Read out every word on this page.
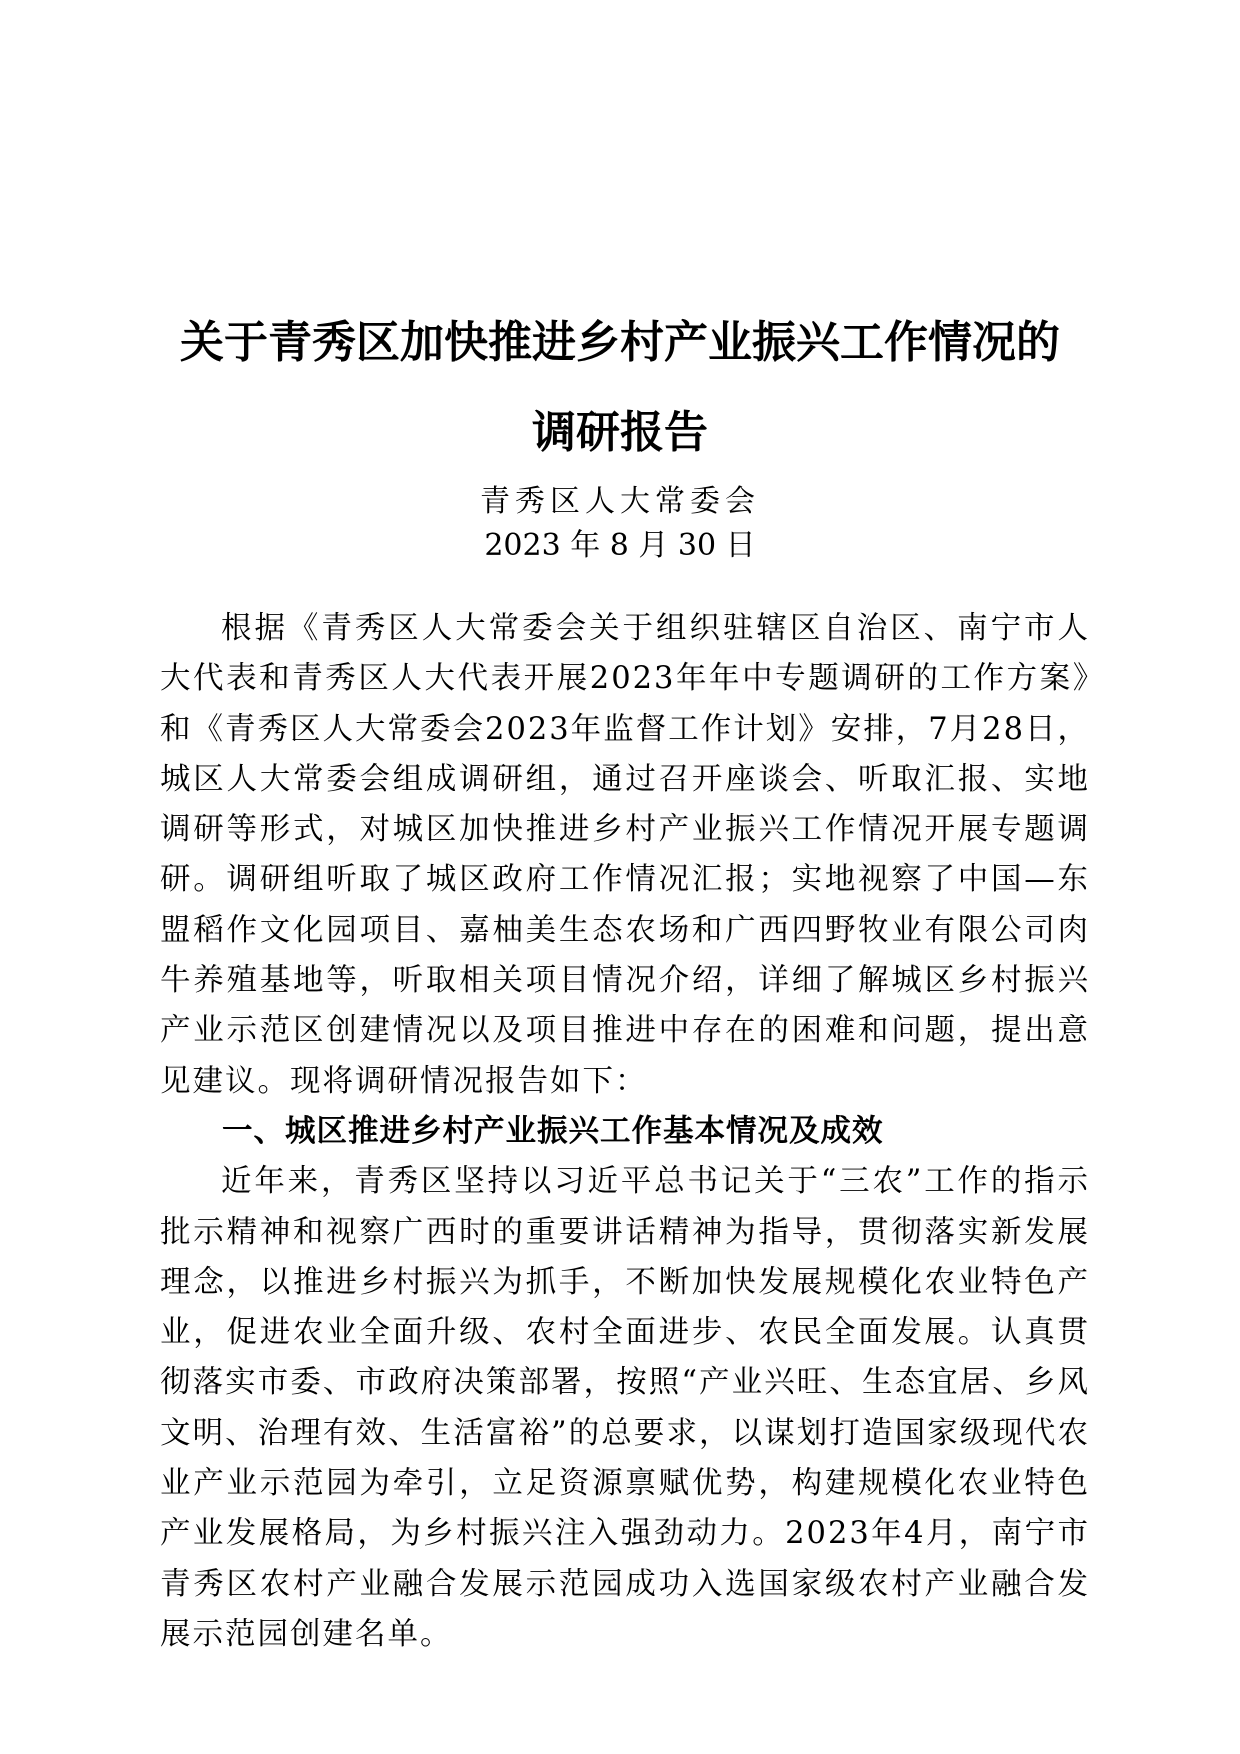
关于青秀区加快推进乡村产业振兴工作情况的
调研报告
青秀区人大常委会
2023 年 8 月 30 日

根据《青秀区人大常委会关于组织驻辖区自治区、南宁市人大代表和青秀区人大代表开展2023年年中专题调研的工作方案》和《青秀区人大常委会2023年监督工作计划》安排，7月28日，城区人大常委会组成调研组，通过召开座谈会、听取汇报、实地调研等形式，对城区加快推进乡村产业振兴工作情况开展专题调研。调研组听取了城区政府工作情况汇报；实地视察了中国—东盟稻作文化园项目、嘉柚美生态农场和广西四野牧业有限公司肉牛养殖基地等，听取相关项目情况介绍，详细了解城区乡村振兴产业示范区创建情况以及项目推进中存在的困难和问题，提出意见建议。现将调研情况报告如下：

一、城区推进乡村产业振兴工作基本情况及成效

近年来，青秀区坚持以习近平总书记关于“三农”工作的指示批示精神和视察广西时的重要讲话精神为指导，贯彻落实新发展理念，以推进乡村振兴为抓手，不断加快发展规模化农业特色产业，促进农业全面升级、农村全面进步、农民全面发展。认真贯彻落实市委、市政府决策部署，按照“产业兴旺、生态宜居、乡风文明、治理有效、生活富裕”的总要求，以谋划打造国家级现代农业产业示范园为牵引，立足资源禀赋优势，构建规模化农业特色产业发展格局，为乡村振兴注入强劲动力。2023年4月，南宁市青秀区农村产业融合发展示范园成功入选国家级农村产业融合发展示范园创建名单。
